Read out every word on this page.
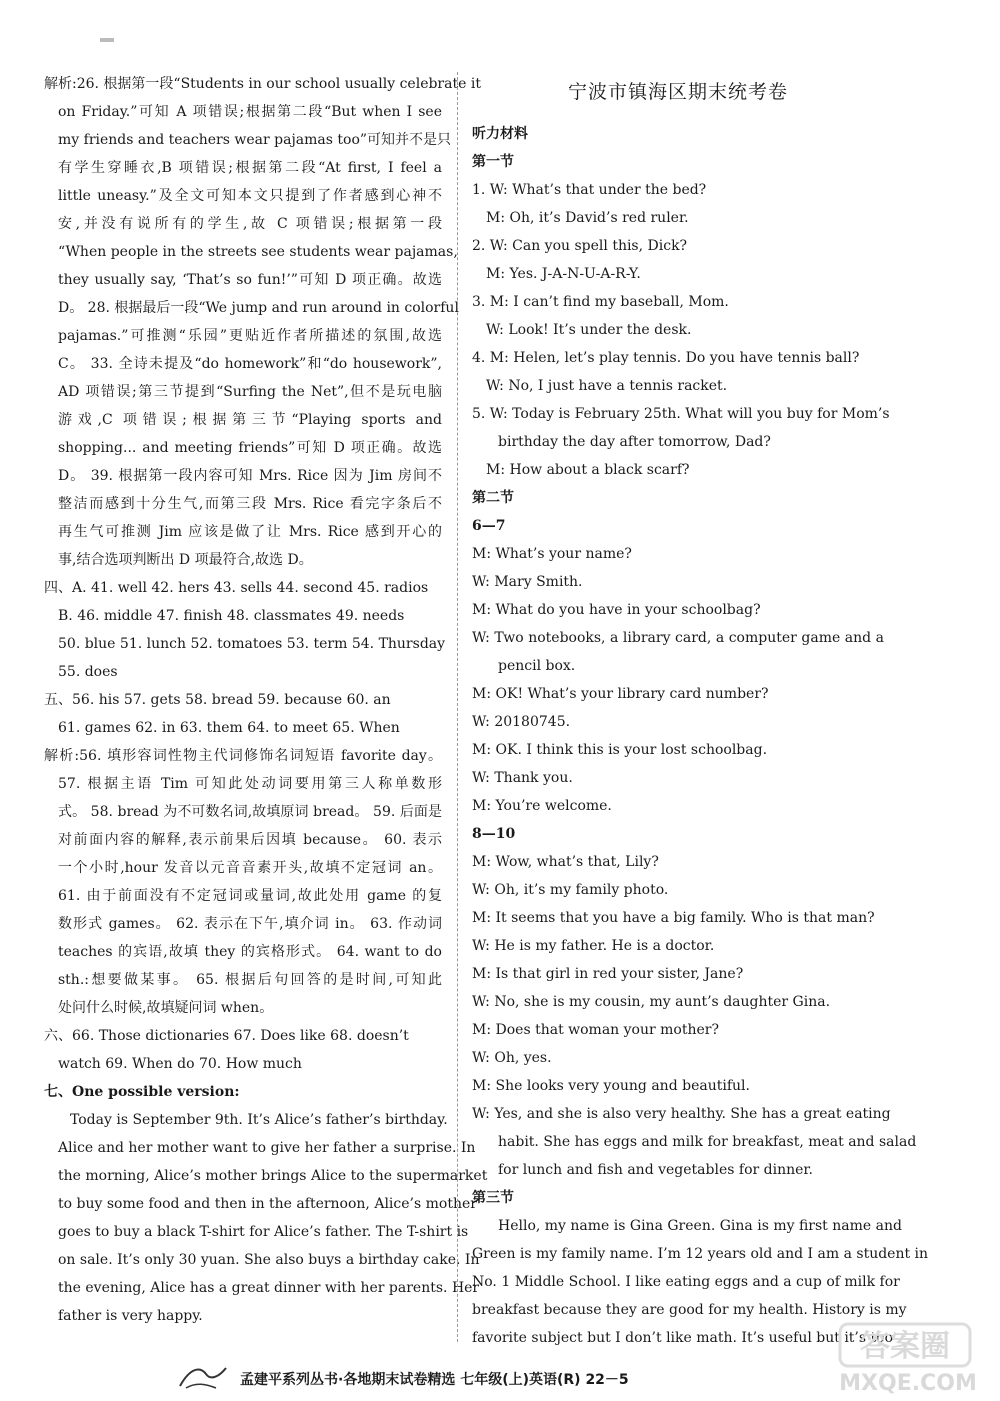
解析:26. 根据第一段“Students in our school usually celebrate it
on Friday.”可知 A 项错误;根据第二段“But when I see
my friends and teachers wear pajamas too”可知并不是只
有学生穿睡衣,B 项错误;根据第二段“At first, I feel a
little uneasy.”及全文可知本文只提到了作者感到心神不
安,并没有说所有的学生,故 C 项错误;根据第一段
“When people in the streets see students wear pajamas,
they usually say, ‘That’s so fun!’”可知 D 项正确。故选
D。 28. 根据最后一段“We jump and run around in colorful
pajamas.”可推测“乐园”更贴近作者所描述的氛围,故选
C。 33. 全诗未提及“do homework”和“do housework”,
AD 项错误;第三节提到“Surfing the Net”,但不是玩电脑
游戏,C 项错误;根据第三节“Playing sports and
shopping... and meeting friends”可知 D 项正确。故选
D。 39. 根据第一段内容可知 Mrs. Rice 因为 Jim 房间不
整洁而感到十分生气,而第三段 Mrs. Rice 看完字条后不
再生气可推测 Jim 应该是做了让 Mrs. Rice 感到开心的
事,结合选项判断出 D 项最符合,故选 D。
四、A. 41. well 42. hers 43. sells 44. second 45. radios
B. 46. middle 47. finish 48. classmates 49. needs
50. blue 51. lunch 52. tomatoes 53. term 54. Thursday
55. does
五、56. his 57. gets 58. bread 59. because 60. an
61. games 62. in 63. them 64. to meet 65. When
解析:56. 填形容词性物主代词修饰名词短语 favorite day。
57. 根据主语 Tim 可知此处动词要用第三人称单数形
式。 58. bread 为不可数名词,故填原词 bread。 59. 后面是
对前面内容的解释,表示前果后因填 because。 60. 表示
一个小时,hour 发音以元音音素开头,故填不定冠词 an。
61. 由于前面没有不定冠词或量词,故此处用 game 的复
数形式 games。 62. 表示在下午,填介词 in。 63. 作动词
teaches 的宾语,故填 they 的宾格形式。 64. want to do
sth.:想要做某事。 65. 根据后句回答的是时间,可知此
处问什么时候,故填疑问词 when。
六、66. Those dictionaries 67. Does like 68. doesn’t
watch 69. When do 70. How much
七、One possible version:
Today is September 9th. It’s Alice’s father’s birthday.
Alice and her mother want to give her father a surprise. In
the morning, Alice’s mother brings Alice to the supermarket
to buy some food and then in the afternoon, Alice’s mother
goes to buy a black T-shirt for Alice’s father. The T-shirt is
on sale. It’s only 30 yuan. She also buys a birthday cake. In
the evening, Alice has a great dinner with her parents. Her
father is very happy.
宁波市镇海区期末统考卷
听力材料
第一节
1. W: What’s that under the bed?
M: Oh, it’s David’s red ruler.
2. W: Can you spell this, Dick?
M: Yes. J-A-N-U-A-R-Y.
3. M: I can’t find my baseball, Mom.
W: Look! It’s under the desk.
4. M: Helen, let’s play tennis. Do you have tennis ball?
W: No, I just have a tennis racket.
5. W: Today is February 25th. What will you buy for Mom’s
birthday the day after tomorrow, Dad?
M: How about a black scarf?
第二节
6—7
M: What’s your name?
W: Mary Smith.
M: What do you have in your schoolbag?
W: Two notebooks, a library card, a computer game and a
pencil box.
M: OK! What’s your library card number?
W: 20180745.
M: OK. I think this is your lost schoolbag.
W: Thank you.
M: You’re welcome.
8—10
M: Wow, what’s that, Lily?
W: Oh, it’s my family photo.
M: It seems that you have a big family. Who is that man?
W: He is my father. He is a doctor.
M: Is that girl in red your sister, Jane?
W: No, she is my cousin, my aunt’s daughter Gina.
M: Does that woman your mother?
W: Oh, yes.
M: She looks very young and beautiful.
W: Yes, and she is also very healthy. She has a great eating
habit. She has eggs and milk for breakfast, meat and salad
for lunch and fish and vegetables for dinner.
第三节
Hello, my name is Gina Green. Gina is my first name and
Green is my family name. I’m 12 years old and I am a student in
No. 1 Middle School. I like eating eggs and a cup of milk for
breakfast because they are good for my health. History is my
favorite subject but I don’t like math. It’s useful but it’s too
孟建平系列丛书·各地期末试卷精选 七年级(上)英语(R) 22－5
答案圈
MXQE.COM
